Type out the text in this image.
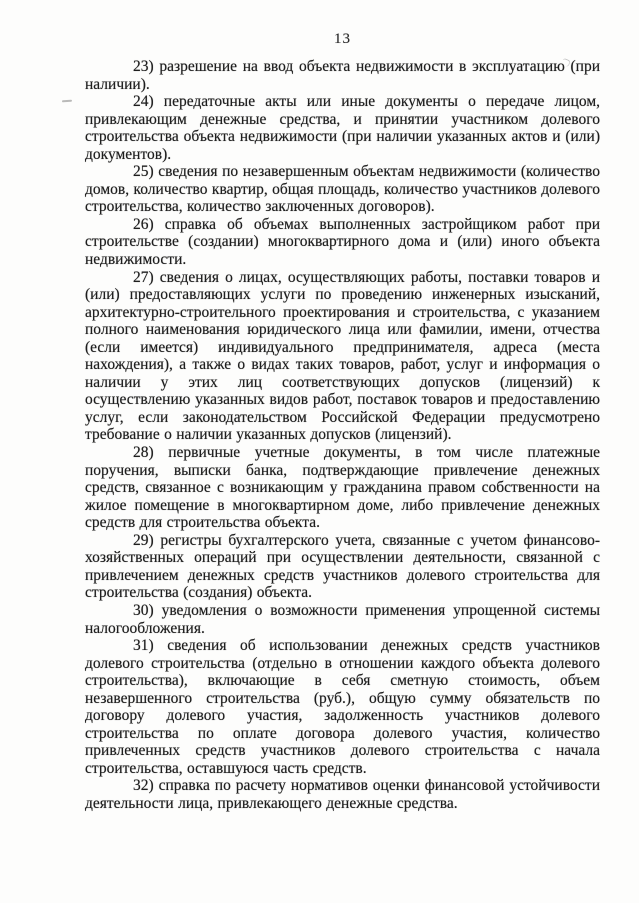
13

23) разрешение на ввод объекта недвижимости в эксплуатацию (при наличии).

24) передаточные акты или иные документы о передаче лицом, привлекающим денежные средства, и принятии участником долевого строительства объекта недвижимости (при наличии указанных актов и (или) документов).

25) сведения по незавершенным объектам недвижимости (количество домов, количество квартир, общая площадь, количество участников долевого строительства, количество заключенных договоров).

26) справка об объемах выполненных застройщиком работ при строительстве (создании) многоквартирного дома и (или) иного объекта недвижимости.

27) сведения о лицах, осуществляющих работы, поставки товаров и (или) предоставляющих услуги по проведению инженерных изысканий, архитектурно-строительного проектирования и строительства, с указанием полного наименования юридического лица или фамилии, имени, отчества (если имеется) индивидуального предпринимателя, адреса (места нахождения), а также о видах таких товаров, работ, услуг и информация о наличии у этих лиц соответствующих допусков (лицензий) к осуществлению указанных видов работ, поставок товаров и предоставлению услуг, если законодательством Российской Федерации предусмотрено требование о наличии указанных допусков (лицензий).

28) первичные учетные документы, в том числе платежные поручения, выписки банка, подтверждающие привлечение денежных средств, связанное с возникающим у гражданина правом собственности на жилое помещение в многоквартирном доме, либо привлечение денежных средств для строительства объекта.

29) регистры бухгалтерского учета, связанные с учетом финансово-хозяйственных операций при осуществлении деятельности, связанной с привлечением денежных средств участников долевого строительства для строительства (создания) объекта.

30) уведомления о возможности применения упрощенной системы налогообложения.

31) сведения об использовании денежных средств участников долевого строительства (отдельно в отношении каждого объекта долевого строительства), включающие в себя сметную стоимость, объем незавершенного строительства (руб.), общую сумму обязательств по договору долевого участия, задолженность участников долевого строительства по оплате договора долевого участия, количество привлеченных средств участников долевого строительства с начала строительства, оставшуюся часть средств.

32) справка по расчету нормативов оценки финансовой устойчивости деятельности лица, привлекающего денежные средства.
